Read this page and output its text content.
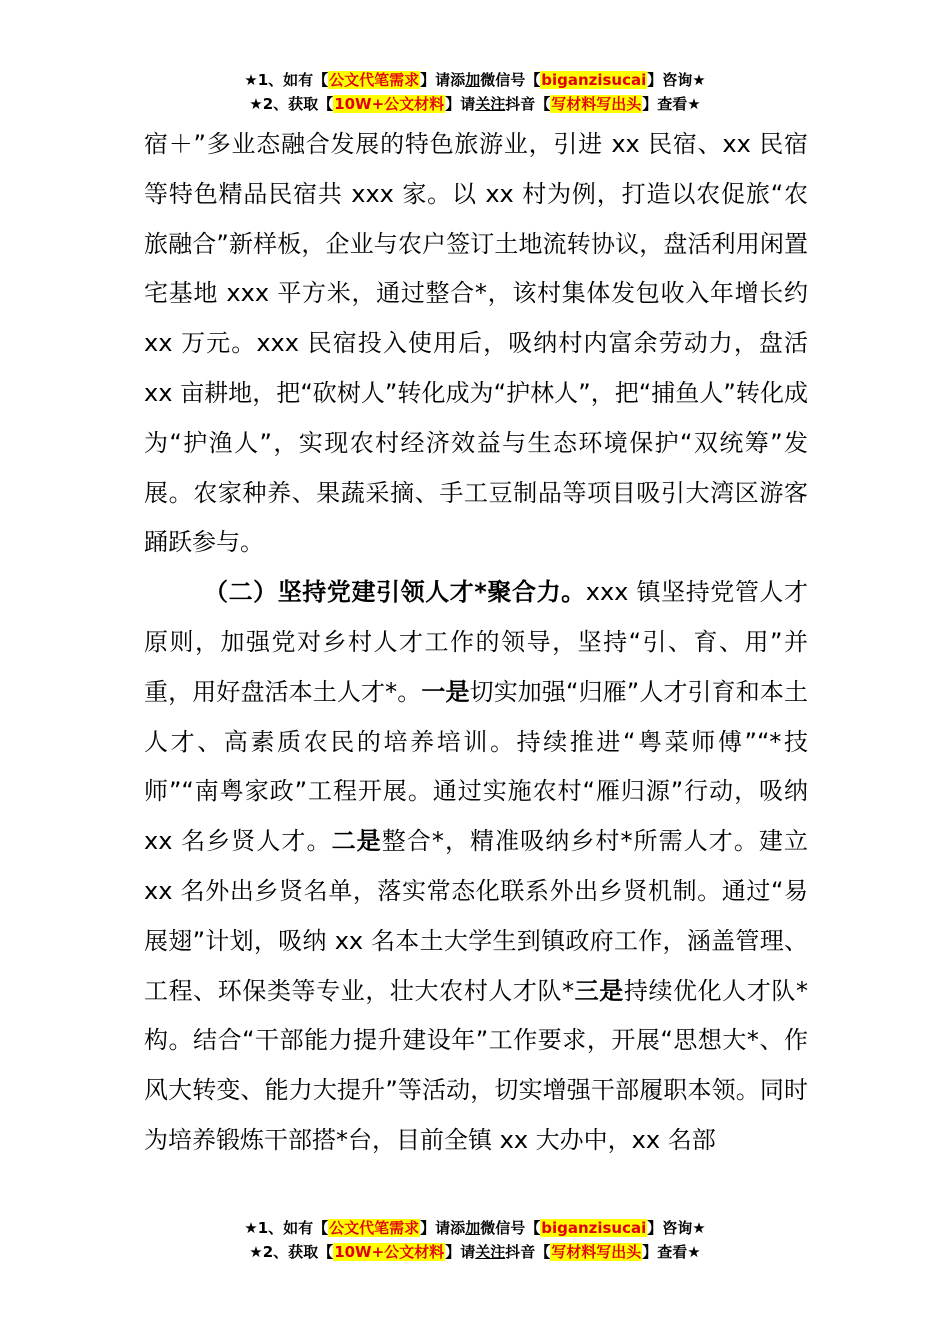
★1、如有【公文代笔需求】请添加微信号【biganzisucai】咨询★
★2、获取【10W+公文材料】请关注抖音【写材料写出头】查看★

宿＋”多业态融合发展的特色旅游业，引进 xx 民宿、xx 民宿等特色精品民宿共 xxx 家。以 xx 村为例，打造以农促旅“农旅融合”新样板，企业与农户签订土地流转协议，盘活利用闲置宅基地 xxx 平方米，通过整合*，该村集体发包收入年增长约 xx 万元。xxx 民宿投入使用后，吸纳村内富余劳动力，盘活 xx 亩耕地，把“砍树人”转化成为“护林人”，把“捕鱼人”转化成为“护渔人”，实现农村经济效益与生态环境保护“双统筹”发展。农家种养、果蔬采摘、手工豆制品等项目吸引大湾区游客踊跃参与。

（二）坚持党建引领人才*聚合力。xxx 镇坚持党管人才原则，加强党对乡村人才工作的领导，坚持“引、育、用”并重，用好盘活本土人才*。一是切实加强“归雁”人才引育和本土人才、高素质农民的培养培训。持续推进“粤菜师傅”“*技师”“南粤家政”工程开展。通过实施农村“雁归源”行动，吸纳 xx 名乡贤人才。二是整合*，精准吸纳乡村*所需人才。建立 xx 名外出乡贤名单，落实常态化联系外出乡贤机制。通过“易展翅”计划，吸纳 xx 名本土大学生到镇政府工作，涵盖管理、工程、环保类等专业，壮大农村人才队*三是持续优化人才队*构。结合“干部能力提升建设年”工作要求，开展“思想大*、作风大转变、能力大提升”等活动，切实增强干部履职本领。同时为培养锻炼干部搭*台，目前全镇 xx 大办中，xx 名部

★1、如有【公文代笔需求】请添加微信号【biganzisucai】咨询★
★2、获取【10W+公文材料】请关注抖音【写材料写出头】查看★
